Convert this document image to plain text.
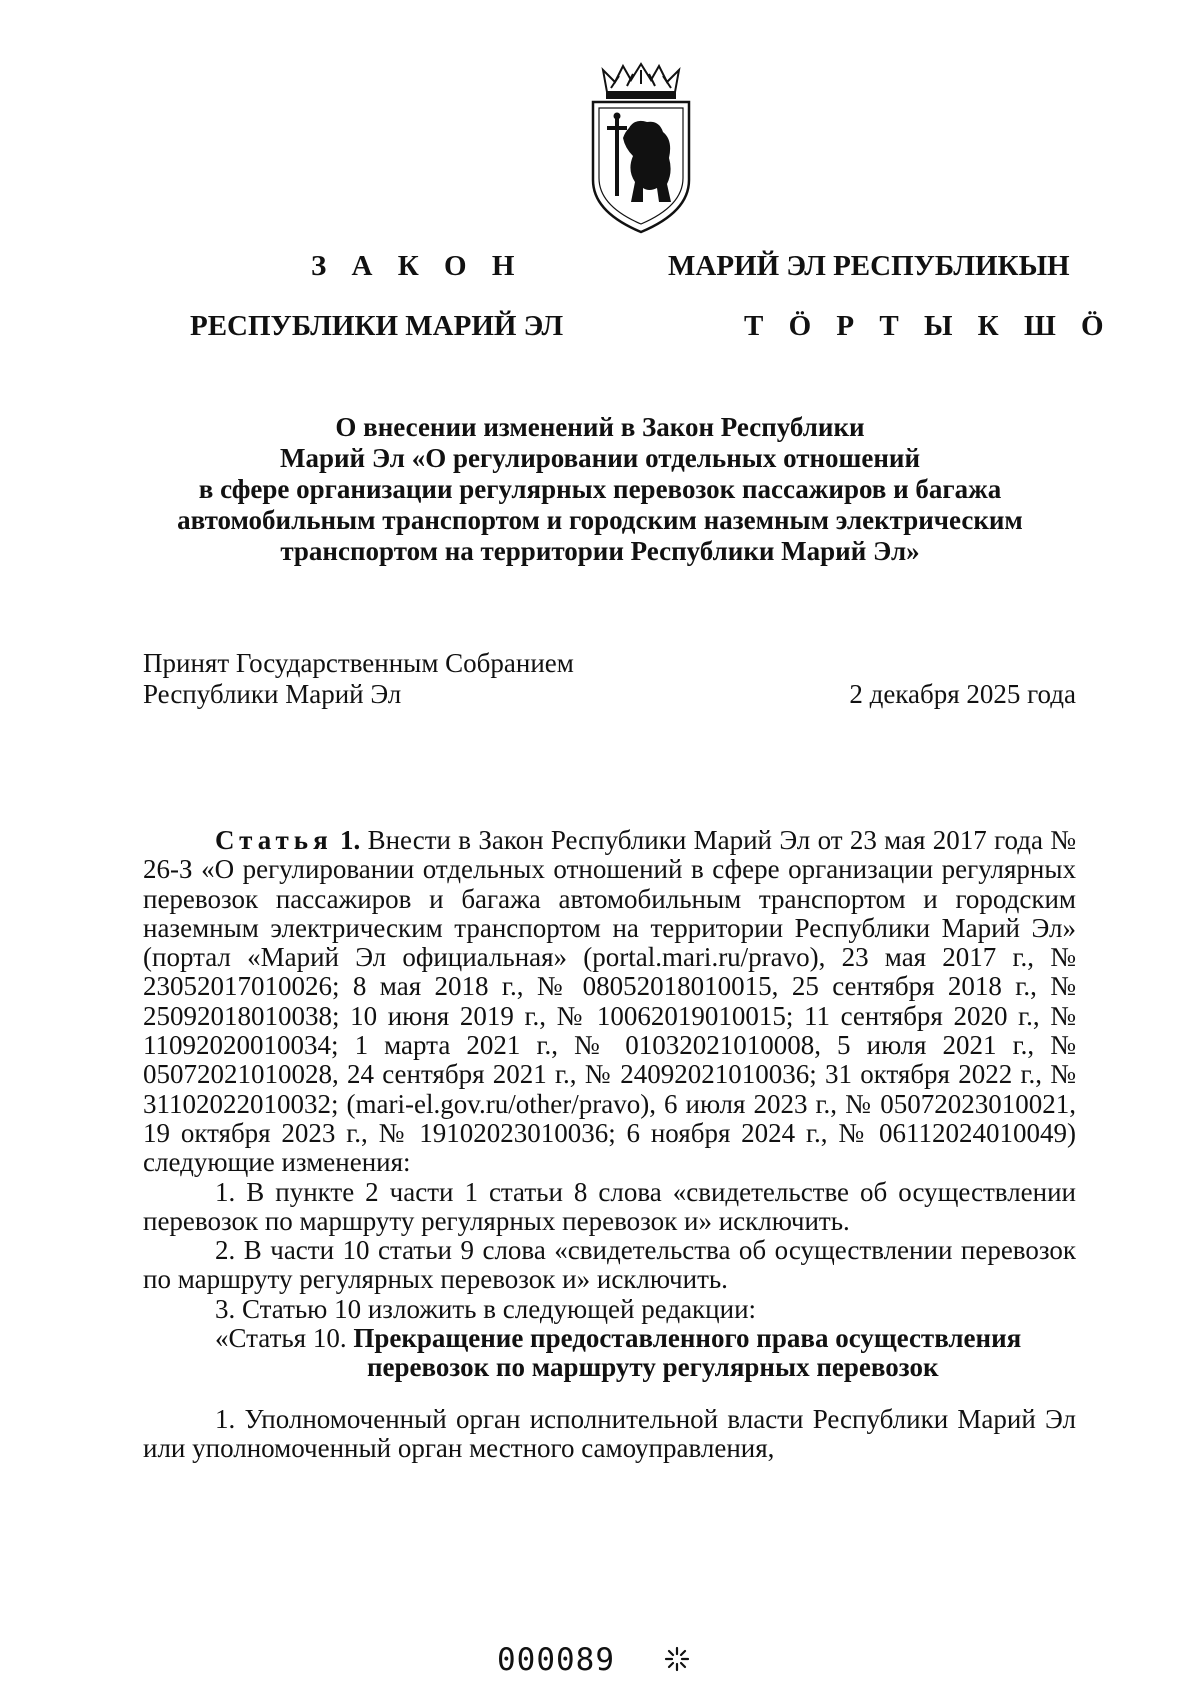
З А К О Н
РЕСПУБЛИКИ МАРИЙ ЭЛ
МАРИЙ ЭЛ РЕСПУБЛИКЫН
Т Ö Р Т Ы К Ш Ö
О внесении изменений в Закон Республики
Марий Эл «О регулировании отдельных отношений
в сфере организации регулярных перевозок пассажиров и багажа
автомобильным транспортом и городским наземным электрическим
транспортом на территории Республики Марий Эл»
Принят Государственным Собранием
Республики Марий Эл	2 декабря 2025 года

Статья 1. Внести в Закон Республики Марий Эл от 23 мая 2017 года № 26-З «О регулировании отдельных отношений в сфере организации регулярных перевозок пассажиров и багажа автомобильным транспортом и городским наземным электрическим транспортом на территории Республики Марий Эл» (портал «Марий Эл официальная» (portal.mari.ru/pravo), 23 мая 2017 г., № 23052017010026; 8 мая 2018 г., № 08052018010015, 25 сентября 2018 г., № 25092018010038; 10 июня 2019 г., № 10062019010015; 11 сентября 2020 г., № 11092020010034; 1 марта 2021 г., № 01032021010008, 5 июля 2021 г., № 05072021010028, 24 сентября 2021 г., № 24092021010036; 31 октября 2022 г., № 31102022010032; (mari-el.gov.ru/other/pravo), 6 июля 2023 г., № 05072023010021, 19 октября 2023 г., № 19102023010036; 6 ноября 2024 г., № 06112024010049) следующие изменения:

1. В пункте 2 части 1 статьи 8 слова «свидетельстве об осуществлении перевозок по маршруту регулярных перевозок и» исключить.

2. В части 10 статьи 9 слова «свидетельства об осуществлении перевозок по маршруту регулярных перевозок и» исключить.

3. Статью 10 изложить в следующей редакции:

«Статья 10. Прекращение предоставленного права осуществления
перевозок по маршруту регулярных перевозок

1. Уполномоченный орган исполнительной власти Республики Марий Эл или уполномоченный орган местного самоуправления,

000089
